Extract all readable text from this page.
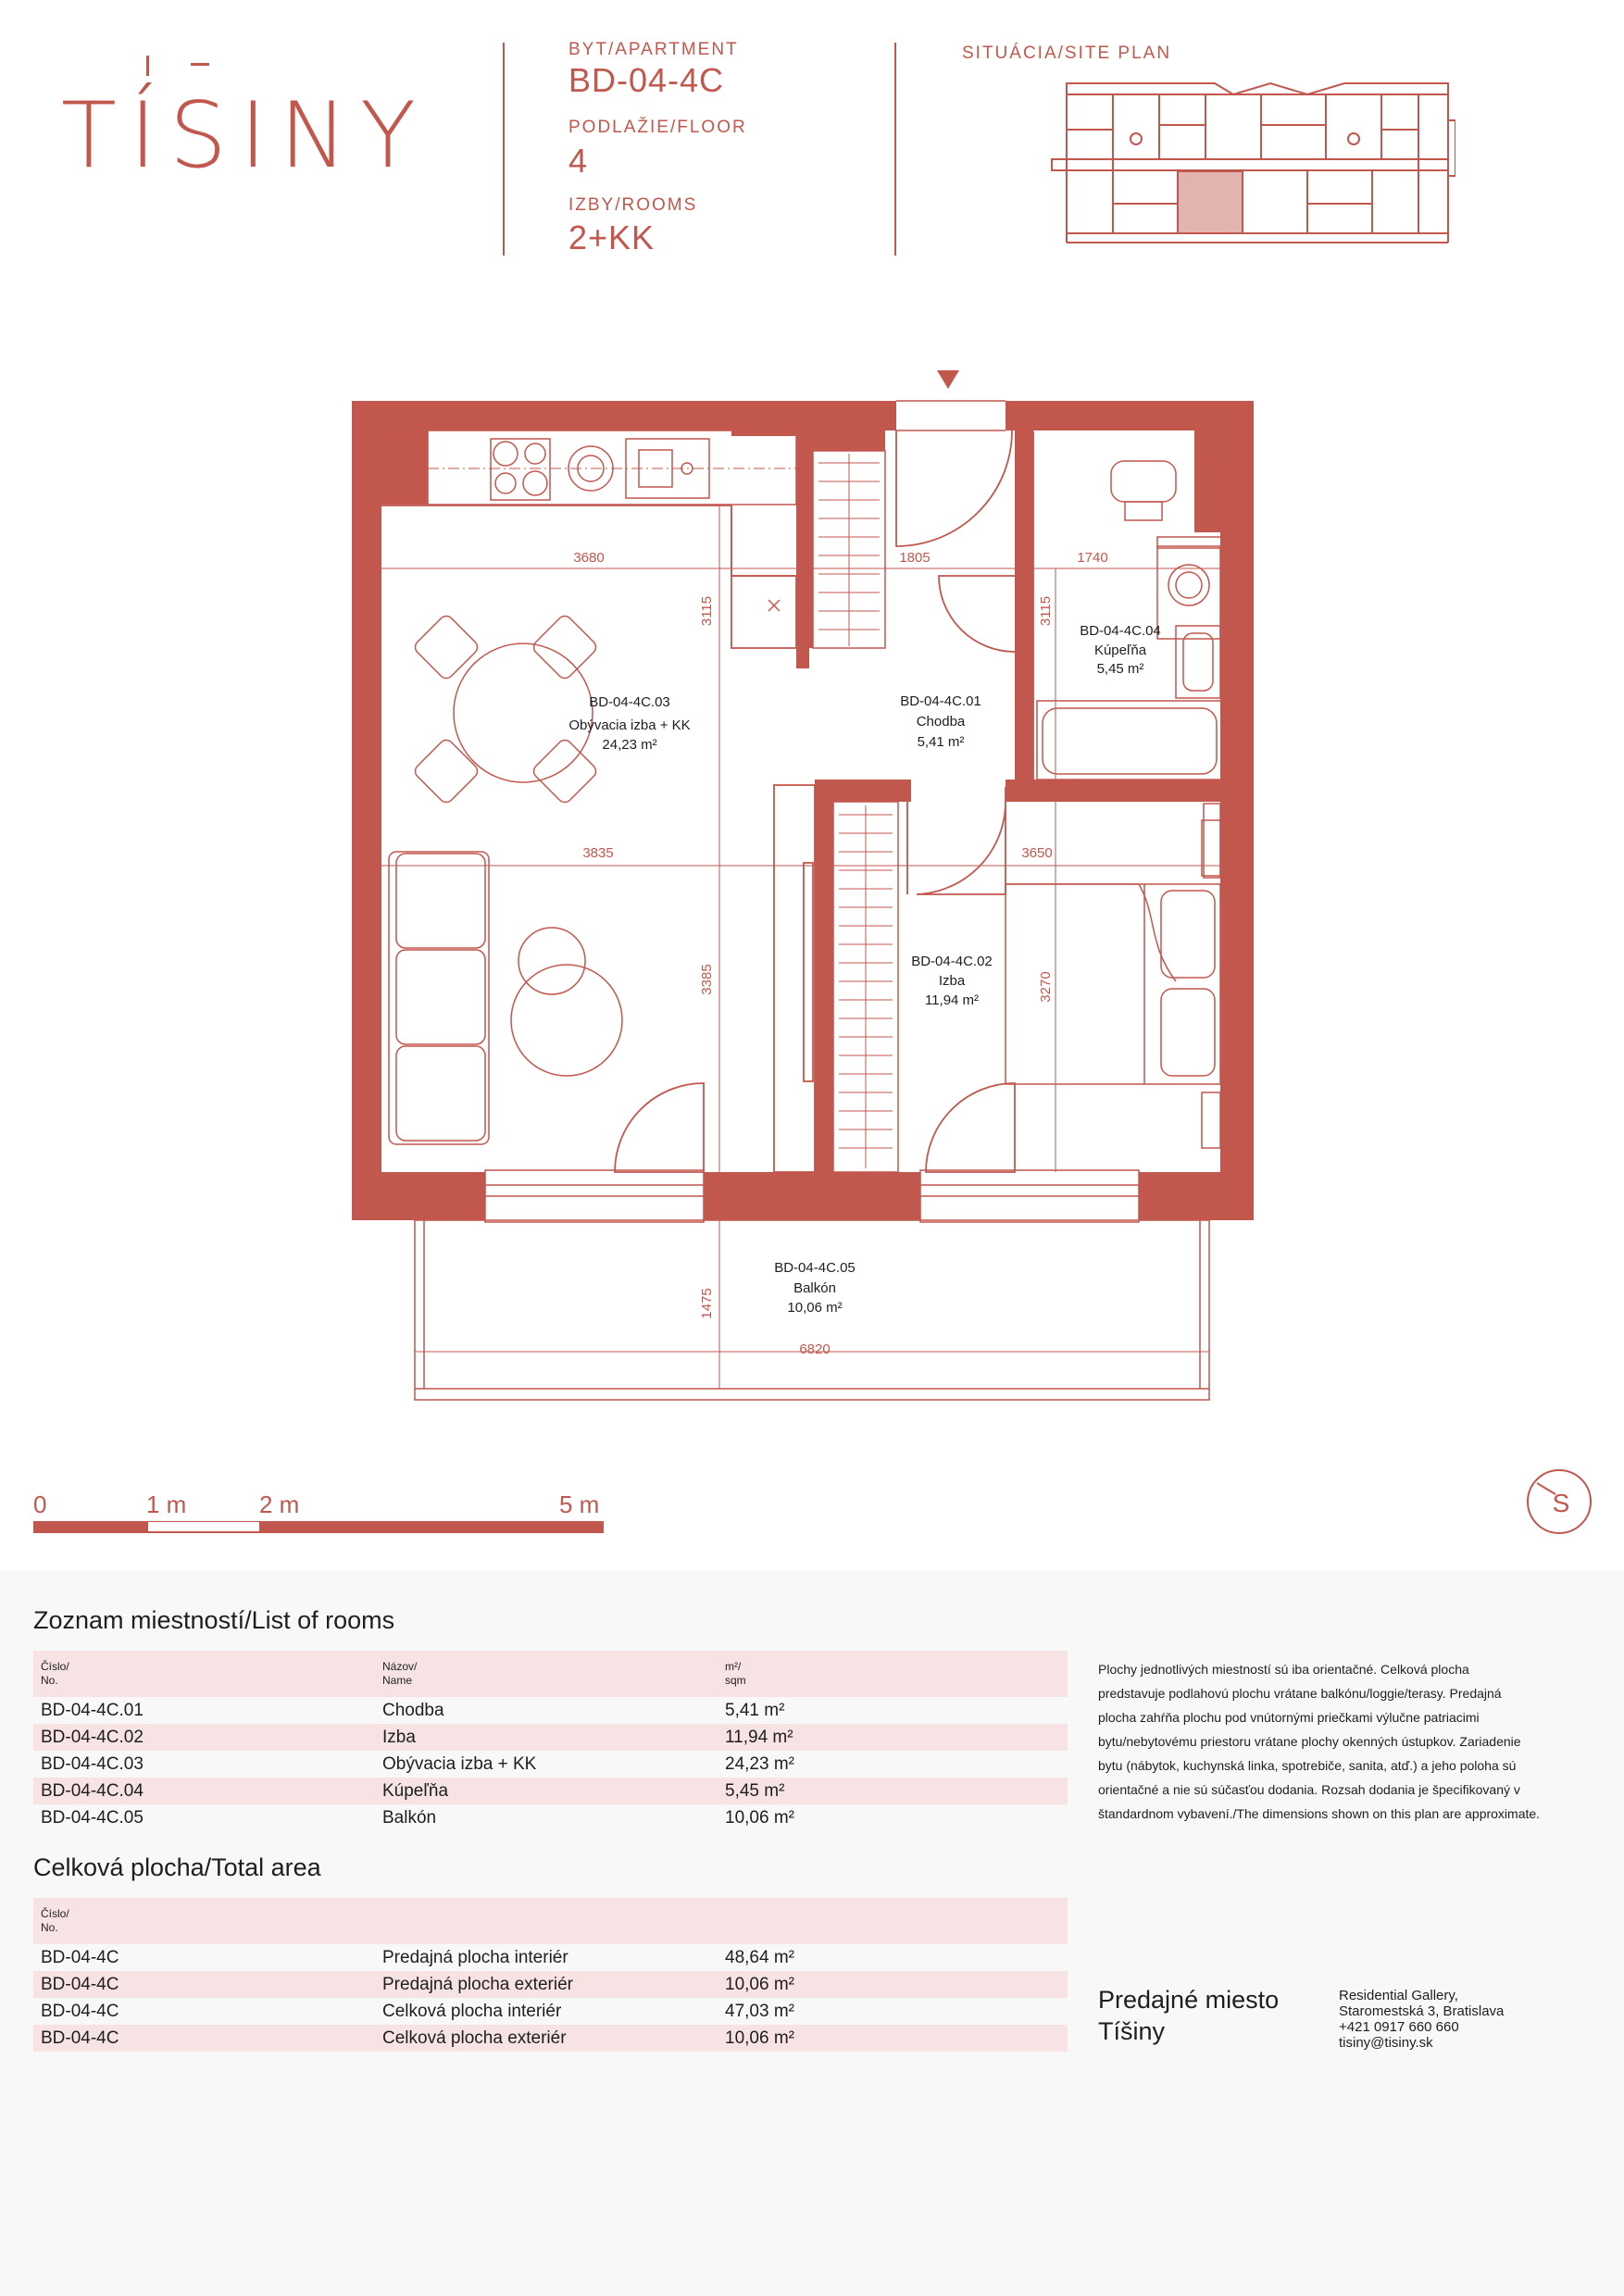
TÍSINY
BYT/APARTMENT
BD-04-4C
PODLAŽIE/FLOOR
4
IZBY/ROOMS
2+KK
SITUÁCIA/SITE PLAN
3680	1805	1740
3115	3115
3835	3650
3385	3270
1475
6820
BD-04-4C.03
Obývacia izba + KK
24,23 m²
BD-04-4C.01
Chodba
5,41 m²
BD-04-4C.04
Kúpeľňa
5,45 m²
BD-04-4C.02
Izba
11,94 m²
BD-04-4C.05
Balkón
10,06 m²
0	1 m	2 m	5 m	S
Zoznam miestností/List of rooms
Číslo/
No.
Názov/
Name
m²/
sqm
BD-04-4C.01	Chodba	5,41 m²
BD-04-4C.02	Izba	11,94 m²
BD-04-4C.03	Obývacia izba + KK	24,23 m²
BD-04-4C.04	Kúpeľňa	5,45 m²
BD-04-4C.05	Balkón	10,06 m²
Celková plocha/Total area
Číslo/
No.
BD-04-4C	Predajná plocha interiér	48,64 m²
BD-04-4C	Predajná plocha exteriér	10,06 m²
BD-04-4C	Celková plocha interiér	47,03 m²
BD-04-4C	Celková plocha exteriér	10,06 m²
Plochy jednotlivých miestností sú iba orientačné. Celková plocha
predstavuje podlahovú plochu vrátane balkónu/loggie/terasy. Predajná
plocha zahŕňa plochu pod vnútornými priečkami výlučne patriacimi
bytu/nebytovému priestoru vrátane plochy okenných ústupkov. Zariadenie
bytu (nábytok, kuchynská linka, spotrebiče, sanita, atď.) a jeho poloha sú
orientačné a nie sú súčasťou dodania. Rozsah dodania je špecifikovaný v
štandardnom vybavení./The dimensions shown on this plan are approximate.
Predajné miesto
Tíšiny
Residential Gallery,
Staromestská 3, Bratislava
+421 0917 660 660
tisiny@tisiny.sk
